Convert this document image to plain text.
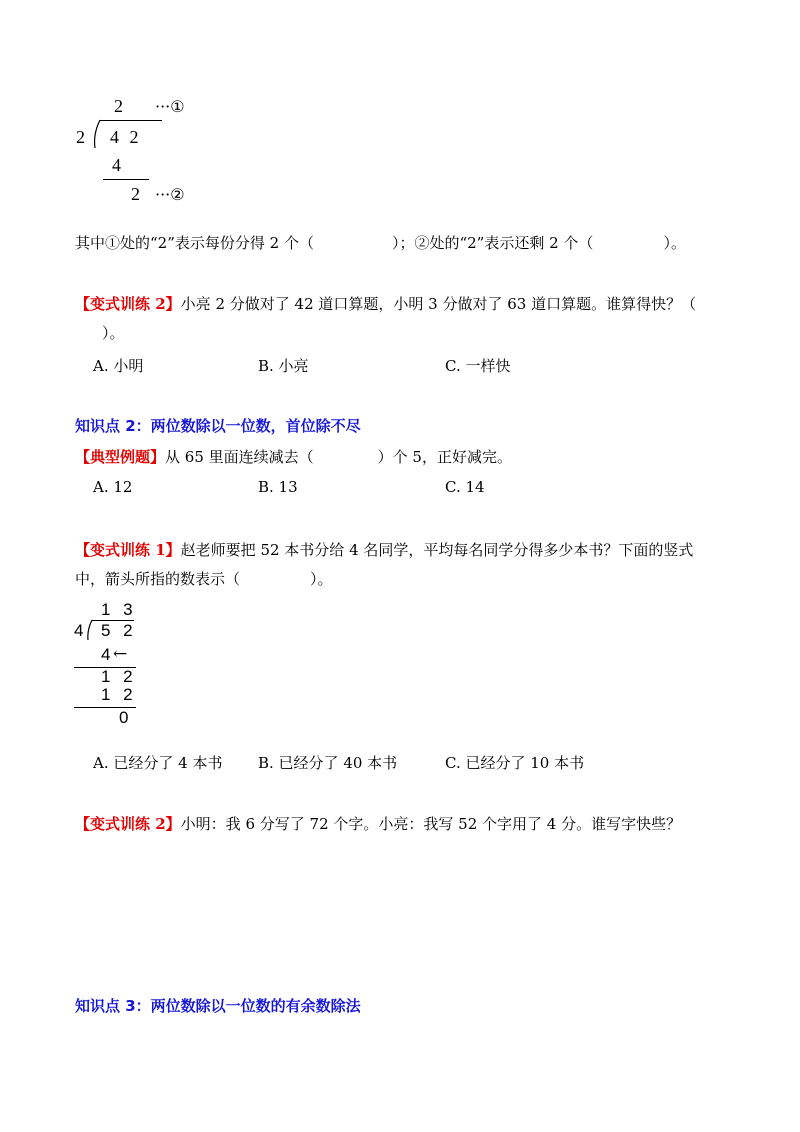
2 ···①
2 4 2
4
2 ···②
其中①处的“2”表示每份分得 2 个（	）；②处的“2”表示还剩 2 个（	）。
【变式训练 2】小亮 2 分做对了 42 道口算题，小明 3 分做对了 63 道口算题。谁算得快？（
）。
A. 小明	B. 小亮	C. 一样快
知识点 2：两位数除以一位数，首位除不尽
【典型例题】从 65 里面连续减去（	）个 5，正好减完。
A. 12	B. 13	C. 14
【变式训练 1】赵老师要把 52 本书分给 4 名同学，平均每名同学分得多少本书？下面的竖式
中，箭头所指的数表示（	）。
1 3
4 5 2
4 ←
1 2
1 2
0
A. 已经分了 4 本书 B. 已经分了 40 本书	C. 已经分了 10 本书
【变式训练 2】小明：我 6 分写了 72 个字。小亮：我写 52 个字用了 4 分。谁写字快些？
知识点 3：两位数除以一位数的有余数除法
